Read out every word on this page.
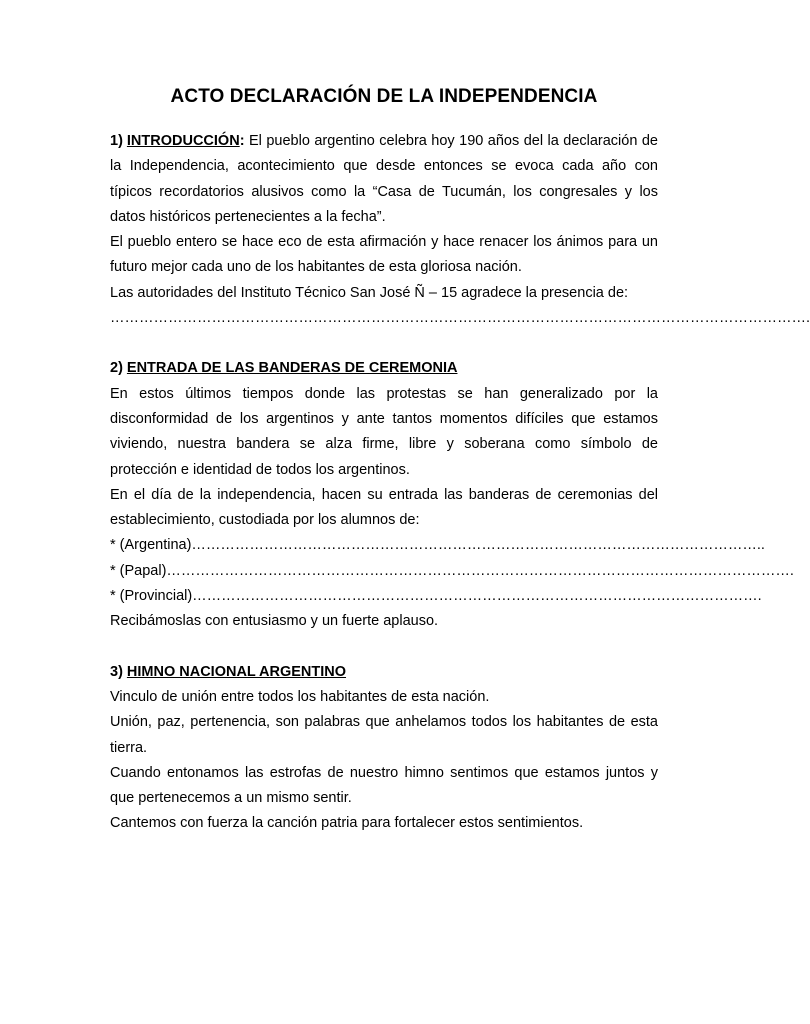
ACTO DECLARACIÓN DE LA INDEPENDENCIA

1) INTRODUCCIÓN: El pueblo argentino celebra hoy 190 años del la declaración de la Independencia, acontecimiento que desde entonces se evoca cada año con típicos recordatorios alusivos como la “Casa de Tucumán, los congresales y los datos históricos pertenecientes a la fecha”.

El pueblo entero se hace eco de esta afirmación y hace renacer los ánimos para un futuro mejor cada uno de los habitantes de esta gloriosa nación.

Las autoridades del Instituto Técnico San José Ñ – 15 agradece la presencia de:

……………………………………………………………………………………………………………………………….

2) ENTRADA DE LAS BANDERAS DE CEREMONIA

En estos últimos tiempos donde las protestas se han generalizado por la disconformidad de los argentinos y ante tantos momentos difíciles que estamos viviendo, nuestra bandera se alza firme, libre y soberana como símbolo de protección e identidad de todos los argentinos.

En el día de la independencia, hacen su entrada las banderas de ceremonias del establecimiento, custodiada por los alumnos de:

* (Argentina)………………………………………………………………………………………………………..

* (Papal)………………………………………………………………………………………………………………….

* (Provincial)……………………………………………………………………………………………………….

Recibámoslas con entusiasmo y un fuerte aplauso.

3) HIMNO NACIONAL ARGENTINO

Vinculo de unión entre todos los habitantes de esta nación.

Unión, paz, pertenencia, son palabras que anhelamos todos los habitantes de esta tierra.

Cuando entonamos las estrofas de nuestro himno sentimos que estamos juntos y que pertenecemos a un mismo sentir.

Cantemos con fuerza la canción patria para fortalecer estos sentimientos.
